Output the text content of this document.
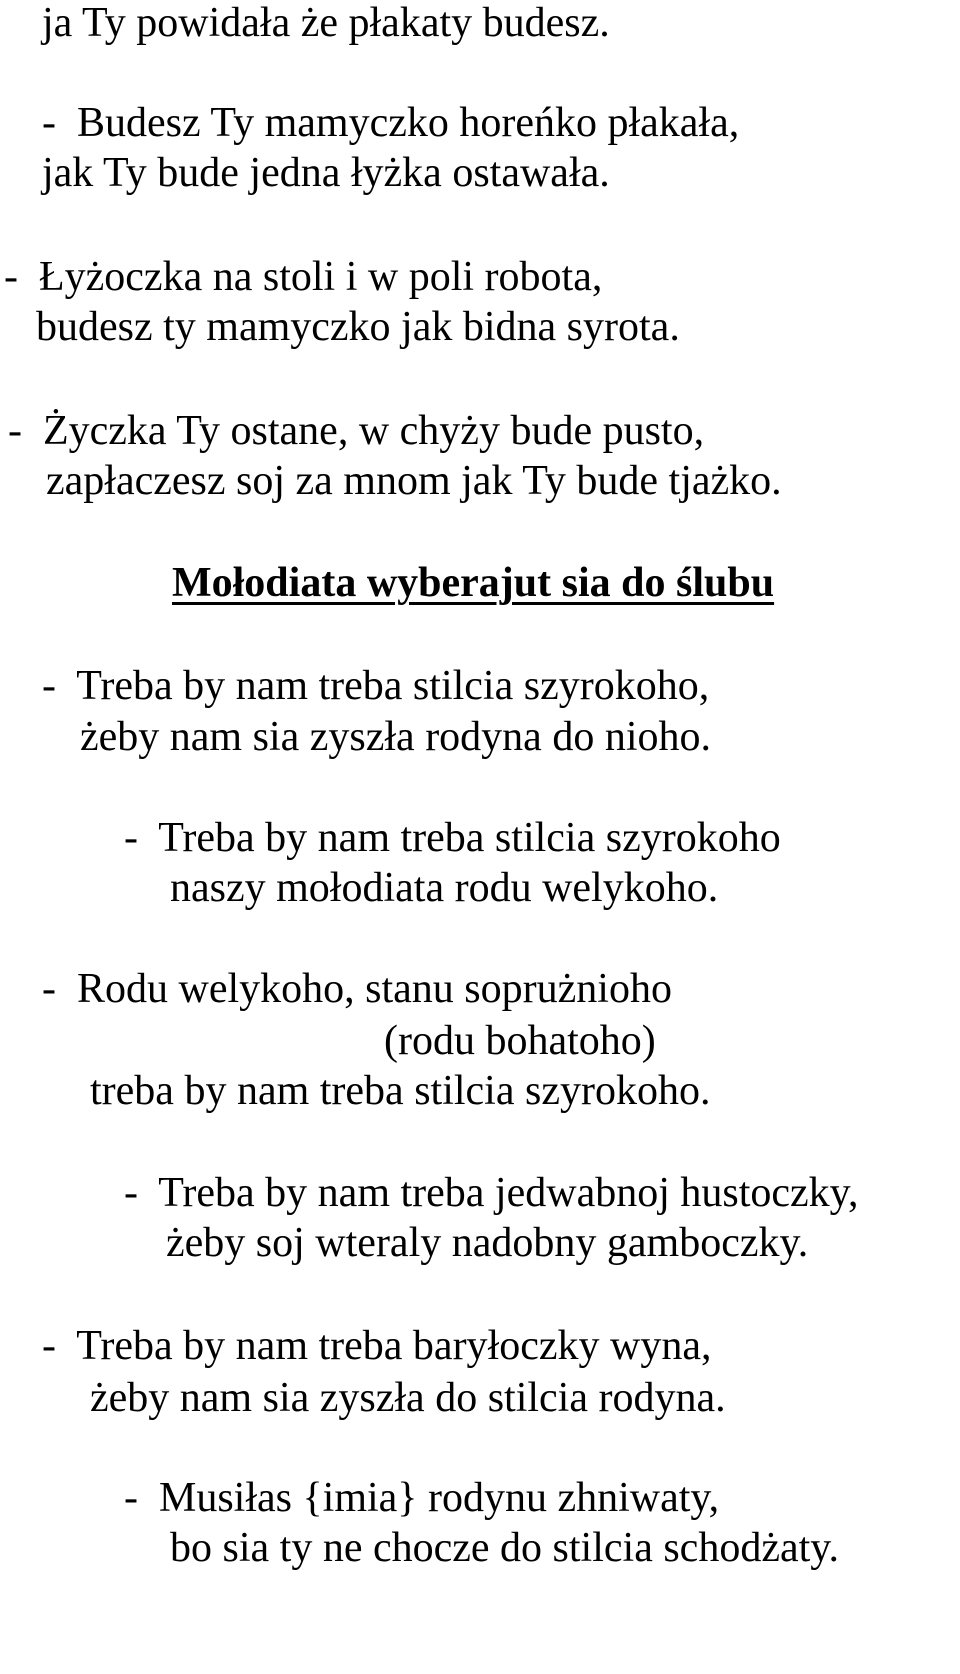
ja Ty powidała że płakaty budesz.

-  Budesz Ty mamyczko horeńko płakała,

jak Ty bude jedna łyżka ostawała.

-  Łyżoczka na stoli i w poli robota,

budesz ty mamyczko jak bidna syrota.

-  Życzka Ty ostane, w chyży bude pusto,

zapłaczesz soj za mnom jak Ty bude tjażko.

Mołodiata wyberajut sia do ślubu

-  Treba by nam treba stilcia szyrokoho,

żeby nam sia zyszła rodyna do nioho.

-  Treba by nam treba stilcia szyrokoho

naszy mołodiata rodu welykoho.

-  Rodu welykoho, stanu soprużnioho

(rodu bohatoho)

treba by nam treba stilcia szyrokoho.

-  Treba by nam treba jedwabnoj hustoczky,

żeby soj wteraly nadobny gamboczky.

-  Treba by nam treba baryłoczky wyna,

żeby nam sia zyszła do stilcia rodyna.

-  Musiłas {imia} rodynu zhniwaty,

bo sia ty ne chocze do stilcia schodżaty.
